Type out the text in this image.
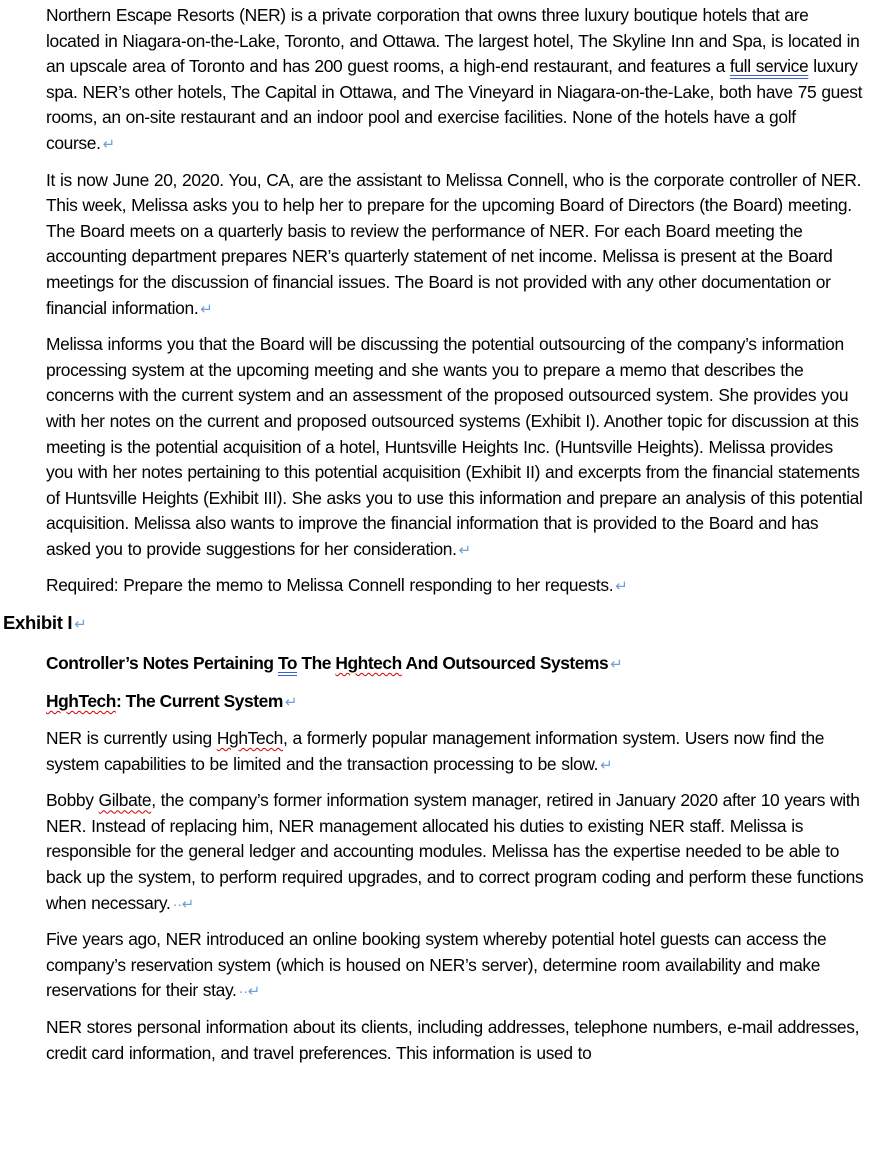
Northern Escape Resorts (NER) is a private corporation that owns three luxury boutique hotels that are located in Niagara-on-the-Lake, Toronto, and Ottawa. The largest hotel, The Skyline Inn and Spa, is located in an upscale area of Toronto and has 200 guest rooms, a high-end restaurant, and features a full service luxury spa. NER’s other hotels, The Capital in Ottawa, and The Vineyard in Niagara-on-the-Lake, both have 75 guest rooms, an on-site restaurant and an indoor pool and exercise facilities. None of the hotels have a golf course. ↵

It is now June 20, 2020. You, CA, are the assistant to Melissa Connell, who is the corporate controller of NER. This week, Melissa asks you to help her to prepare for the upcoming Board of Directors (the Board) meeting. The Board meets on a quarterly basis to review the performance of NER. For each Board meeting the accounting department prepares NER’s quarterly statement of net income. Melissa is present at the Board meetings for the discussion of financial issues. The Board is not provided with any other documentation or financial information. ↵

Melissa informs you that the Board will be discussing the potential outsourcing of the company’s information processing system at the upcoming meeting and she wants you to prepare a memo that describes the concerns with the current system and an assessment of the proposed outsourced system. She provides you with her notes on the current and proposed outsourced systems (Exhibit I). Another topic for discussion at this meeting is the potential acquisition of a hotel, Huntsville Heights Inc. (Huntsville Heights). Melissa provides you with her notes pertaining to this potential acquisition (Exhibit II) and excerpts from the financial statements of Huntsville Heights (Exhibit III). She asks you to use this information and prepare an analysis of this potential acquisition. Melissa also wants to improve the financial information that is provided to the Board and has asked you to provide suggestions for her consideration. ↵

Required: Prepare the memo to Melissa Connell responding to her requests. ↵

Exhibit I ↵

Controller’s Notes Pertaining To The Hghtech And Outsourced Systems ↵

HghTech: The Current System ↵

NER is currently using HghTech, a formerly popular management information system. Users now find the system capabilities to be limited and the transaction processing to be slow. ↵

Bobby Gilbate, the company’s former information system manager, retired in January 2020 after 10 years with NER. Instead of replacing him, NER management allocated his duties to existing NER staff. Melissa is responsible for the general ledger and accounting modules. Melissa has the expertise needed to be able to back up the system, to perform required upgrades, and to correct program coding and perform these functions when necessary. ··↵

Five years ago, NER introduced an online booking system whereby potential hotel guests can access the company’s reservation system (which is housed on NER’s server), determine room availability and make reservations for their stay. ··↵

NER stores personal information about its clients, including addresses, telephone numbers, e-mail addresses, credit card information, and travel preferences. This information is used to
